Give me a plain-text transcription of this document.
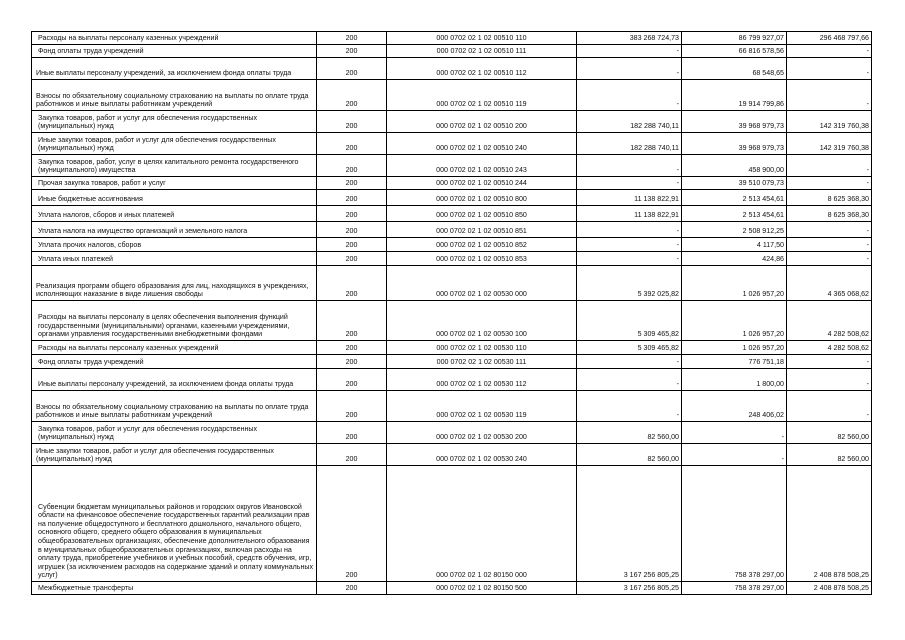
Расходы на выплаты персоналу казенных учреждений	200	000 0702 02 1 02 00510 110	383 268 724,73	86 799 927,07	296 468 797,66
Фонд оплаты труда учреждений	200	000 0702 02 1 02 00510 111	-	66 816 578,56	-
Иные выплаты персоналу учреждений, за исключением фонда оплаты труда	200	000 0702 02 1 02 00510 112	-	68 548,65	-
Взносы по обязательному социальному страхованию на выплаты по оплате труда работников и иные выплаты работникам учреждений	200	000 0702 02 1 02 00510 119	-	19 914 799,86	-
Закупка товаров, работ и услуг для обеспечения государственных (муниципальных) нужд	200	000 0702 02 1 02 00510 200	182 288 740,11	39 968 979,73	142 319 760,38
Иные закупки товаров, работ и услуг для обеспечения государственных (муниципальных) нужд	200	000 0702 02 1 02 00510 240	182 288 740,11	39 968 979,73	142 319 760,38
Закупка товаров, работ, услуг в целях капитального ремонта государственного (муниципального) имущества	200	000 0702 02 1 02 00510 243	-	458 900,00	-
Прочая закупка товаров, работ и услуг	200	000 0702 02 1 02 00510 244	-	39 510 079,73	-
Иные бюджетные ассигнования	200	000 0702 02 1 02 00510 800	11 138 822,91	2 513 454,61	8 625 368,30
Уплата налогов, сборов и иных платежей	200	000 0702 02 1 02 00510 850	11 138 822,91	2 513 454,61	8 625 368,30
Уплата налога на имущество организаций и земельного налога	200	000 0702 02 1 02 00510 851	-	2 508 912,25	-
Уплата прочих налогов, сборов	200	000 0702 02 1 02 00510 852	-	4 117,50	-
Уплата иных платежей	200	000 0702 02 1 02 00510 853	-	424,86	-
Реализация программ общего образования для лиц, находящихся в учреждениях, исполняющих наказание в виде лишения свободы	200	000 0702 02 1 02 00530 000	5 392 025,82	1 026 957,20	4 365 068,62
Расходы на выплаты персоналу в целях обеспечения выполнения функций государственными (муниципальными) органами, казенными учреждениями, органами управления государственными внебюджетными фондами	200	000 0702 02 1 02 00530 100	5 309 465,82	1 026 957,20	4 282 508,62
Расходы на выплаты персоналу казенных учреждений	200	000 0702 02 1 02 00530 110	5 309 465,82	1 026 957,20	4 282 508,62
Фонд оплаты труда учреждений	200	000 0702 02 1 02 00530 111	-	776 751,18	-
Иные выплаты персоналу учреждений, за исключением фонда оплаты труда	200	000 0702 02 1 02 00530 112	-	1 800,00	-
Взносы по обязательному социальному страхованию на выплаты по оплате труда работников и иные выплаты работникам учреждений	200	000 0702 02 1 02 00530 119	-	248 406,02	-
Закупка товаров, работ и услуг для обеспечения государственных (муниципальных) нужд	200	000 0702 02 1 02 00530 200	82 560,00	-	82 560,00
Иные закупки товаров, работ и услуг для обеспечения государственных (муниципальных) нужд	200	000 0702 02 1 02 00530 240	82 560,00	-	82 560,00
Субвенции бюджетам муниципальных районов и городских округов Ивановской области на финансовое обеспечение государственных гарантий реализации прав на получение общедоступного и бесплатного дошкольного, начального общего, основного общего, среднего общего образования в муниципальных общеобразовательных организациях, обеспечение дополнительного образования в муниципальных общеобразовательных организациях, включая расходы на оплату труда, приобретение учебников и учебных пособий, средств обучения, игр, игрушек (за исключением расходов на содержание зданий и оплату коммунальных услуг)	200	000 0702 02 1 02 80150 000	3 167 256 805,25	758 378 297,00	2 408 878 508,25
Межбюджетные трансферты	200	000 0702 02 1 02 80150 500	3 167 256 805,25	758 378 297,00	2 408 878 508,25
